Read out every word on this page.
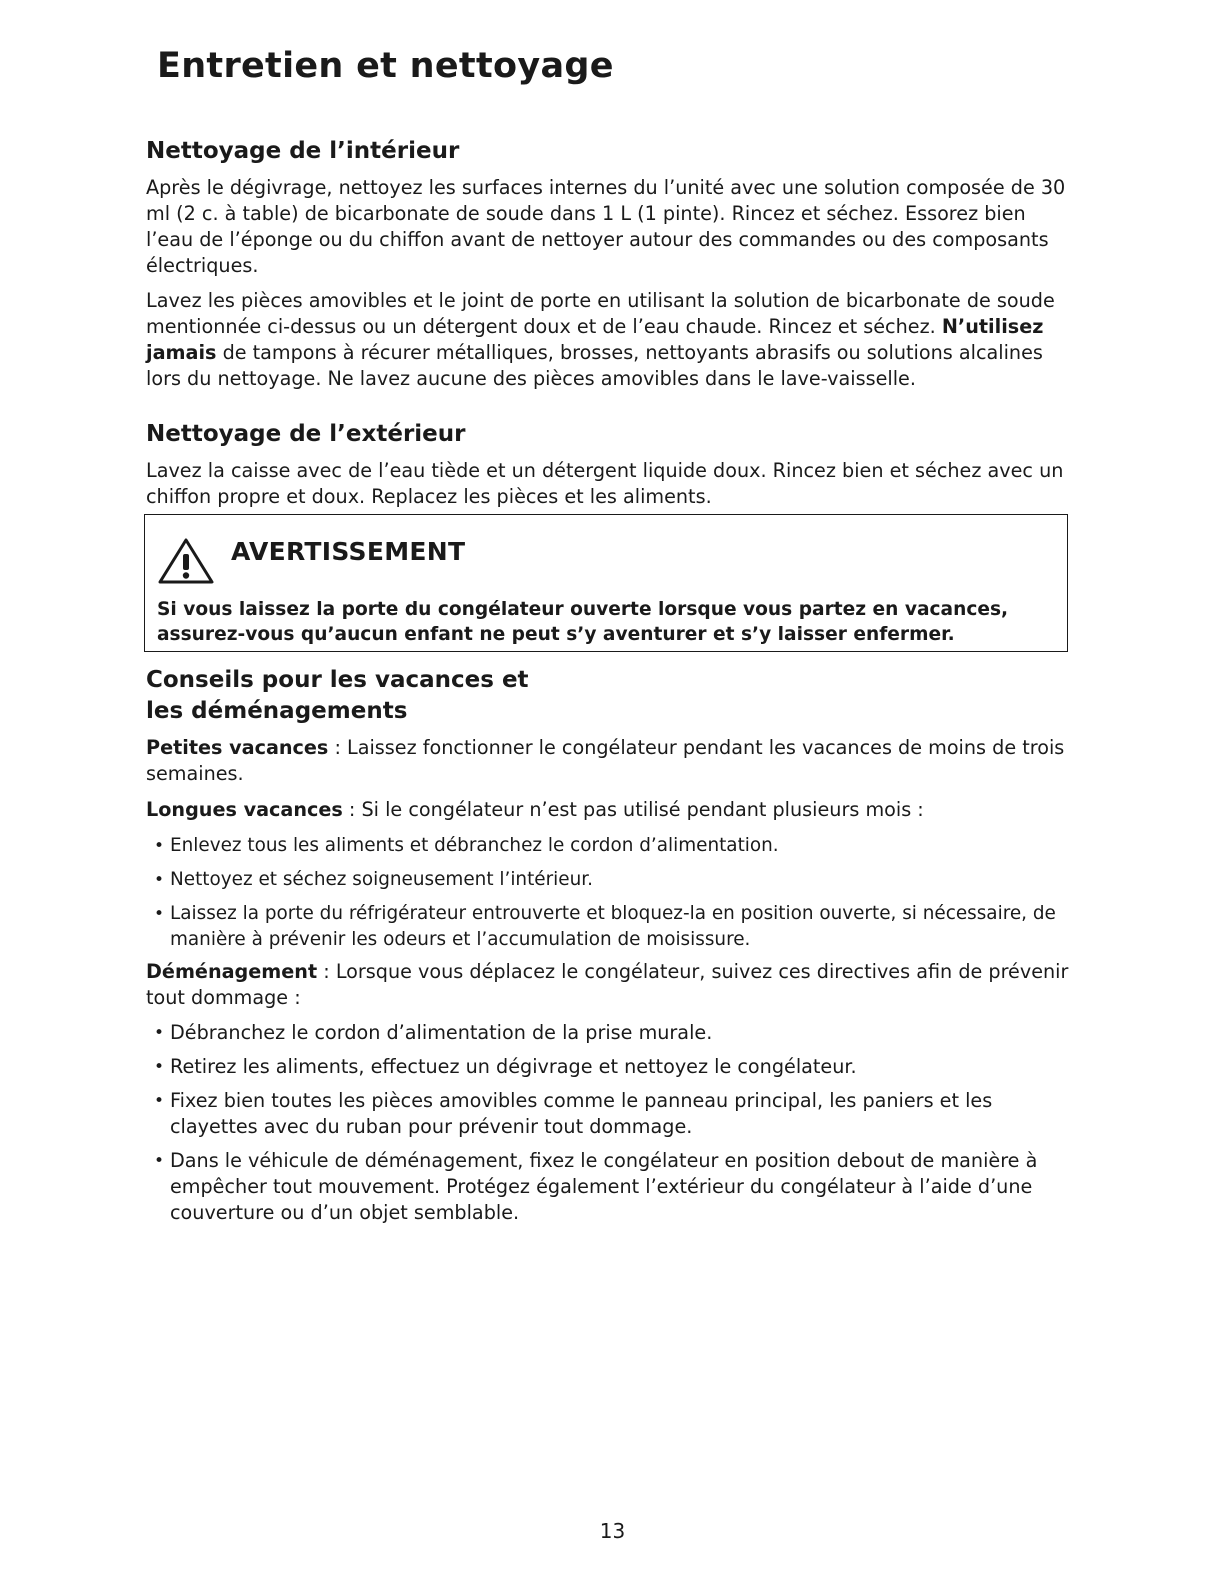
Entretien et nettoyage
Nettoyage de l’intérieur

Après le dégivrage, nettoyez les surfaces internes du l’unité avec une solution composée de 30 ml (2 c. à table) de bicarbonate de soude dans 1 L (1 pinte). Rincez et séchez. Essorez bien l’eau de l’éponge ou du chiffon avant de nettoyer autour des commandes ou des composants électriques.

Lavez les pièces amovibles et le joint de porte en utilisant la solution de bicarbonate de soude mentionnée ci-dessus ou un détergent doux et de l’eau chaude. Rincez et séchez. N’utilisez jamais de tampons à récurer métalliques, brosses, nettoyants abrasifs ou solutions alcalines lors du nettoyage. Ne lavez aucune des pièces amovibles dans le lave-vaisselle.

Nettoyage de l’extérieur

Lavez la caisse avec de l’eau tiède et un détergent liquide doux. Rincez bien et séchez avec un chiffon propre et doux. Replacez les pièces et les aliments.

AVERTISSEMENT

Si vous laissez la porte du congélateur ouverte lorsque vous partez en vacances, assurez-vous qu’aucun enfant ne peut s’y aventurer et s’y laisser enfermer.

Conseils pour les vacances et
les déménagements

Petites vacances : Laissez fonctionner le congélateur pendant les vacances de moins de trois semaines.

Longues vacances : Si le congélateur n’est pas utilisé pendant plusieurs mois :

• Enlevez tous les aliments et débranchez le cordon d’alimentation.
• Nettoyez et séchez soigneusement l’intérieur.
• Laissez la porte du réfrigérateur entrouverte et bloquez-la en position ouverte, si nécessaire, de manière à prévenir les odeurs et l’accumulation de moisissure.

Déménagement : Lorsque vous déplacez le congélateur, suivez ces directives afin de prévenir tout dommage :

• Débranchez le cordon d’alimentation de la prise murale.
• Retirez les aliments, effectuez un dégivrage et nettoyez le congélateur.
• Fixez bien toutes les pièces amovibles comme le panneau principal, les paniers et les clayettes avec du ruban pour prévenir tout dommage.
• Dans le véhicule de déménagement, fixez le congélateur en position debout de manière à empêcher tout mouvement. Protégez également l’extérieur du congélateur à l’aide d’une couverture ou d’un objet semblable.
13
